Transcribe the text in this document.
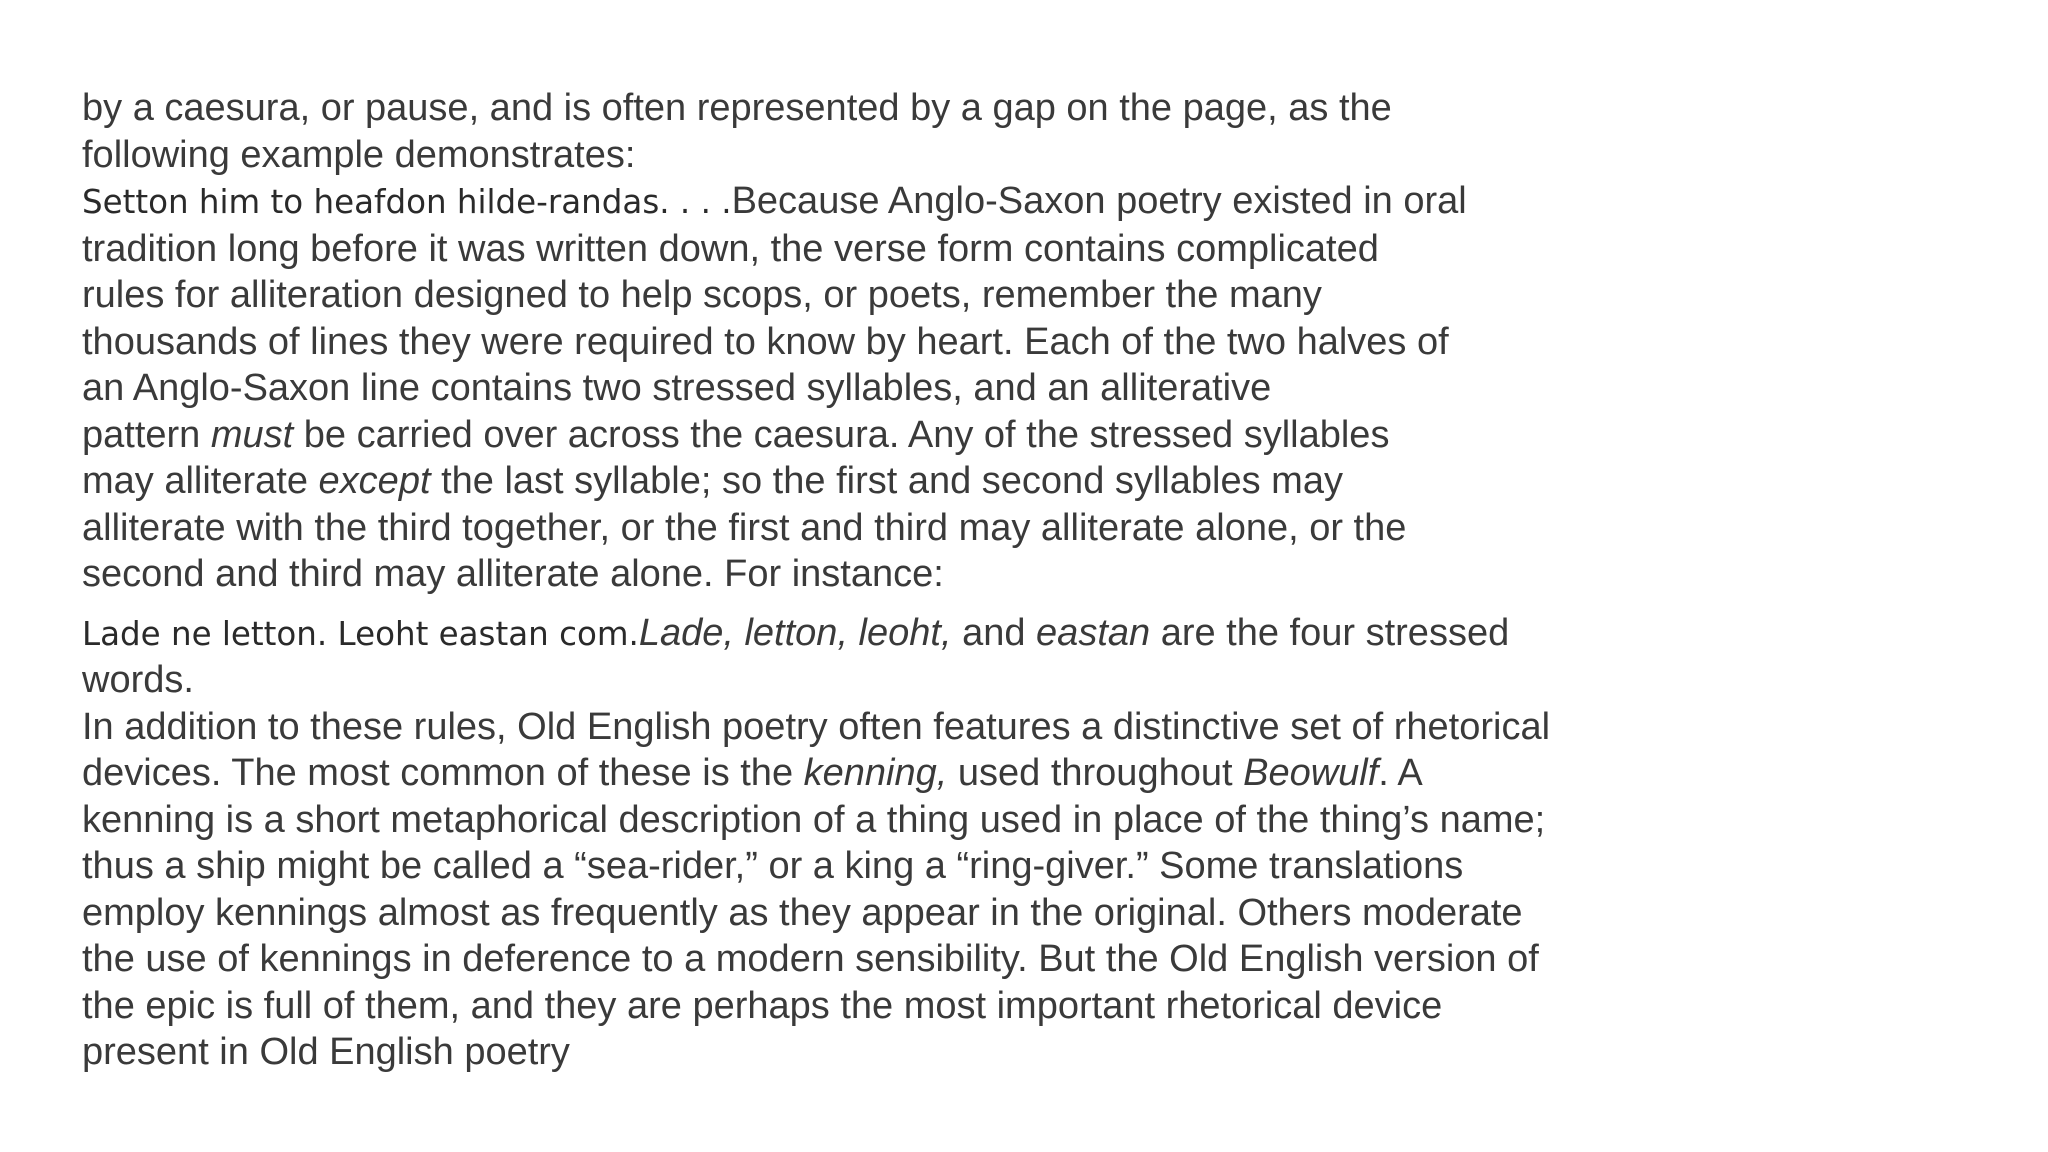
by a caesura, or pause, and is often represented by a gap on the page, as the
following example demonstrates:

Setton him to heafdon hilde-randas. . . .Because Anglo-Saxon poetry existed in oral
tradition long before it was written down, the verse form contains complicated
rules for alliteration designed to help scops, or poets, remember the many
thousands of lines they were required to know by heart. Each of the two halves of
an Anglo-Saxon line contains two stressed syllables, and an alliterative
pattern must be carried over across the caesura. Any of the stressed syllables
may alliterate except the last syllable; so the first and second syllables may
alliterate with the third together, or the first and third may alliterate alone, or the
second and third may alliterate alone. For instance:

Lade ne letton. Leoht eastan com.Lade, letton, leoht, and eastan are the four stressed
words.

In addition to these rules, Old English poetry often features a distinctive set of rhetorical
devices. The most common of these is the kenning, used throughout Beowulf. A
kenning is a short metaphorical description of a thing used in place of the thing’s name;
thus a ship might be called a “sea-rider,” or a king a “ring-giver.” Some translations
employ kennings almost as frequently as they appear in the original. Others moderate
the use of kennings in deference to a modern sensibility. But the Old English version of
the epic is full of them, and they are perhaps the most important rhetorical device
present in Old English poetry
